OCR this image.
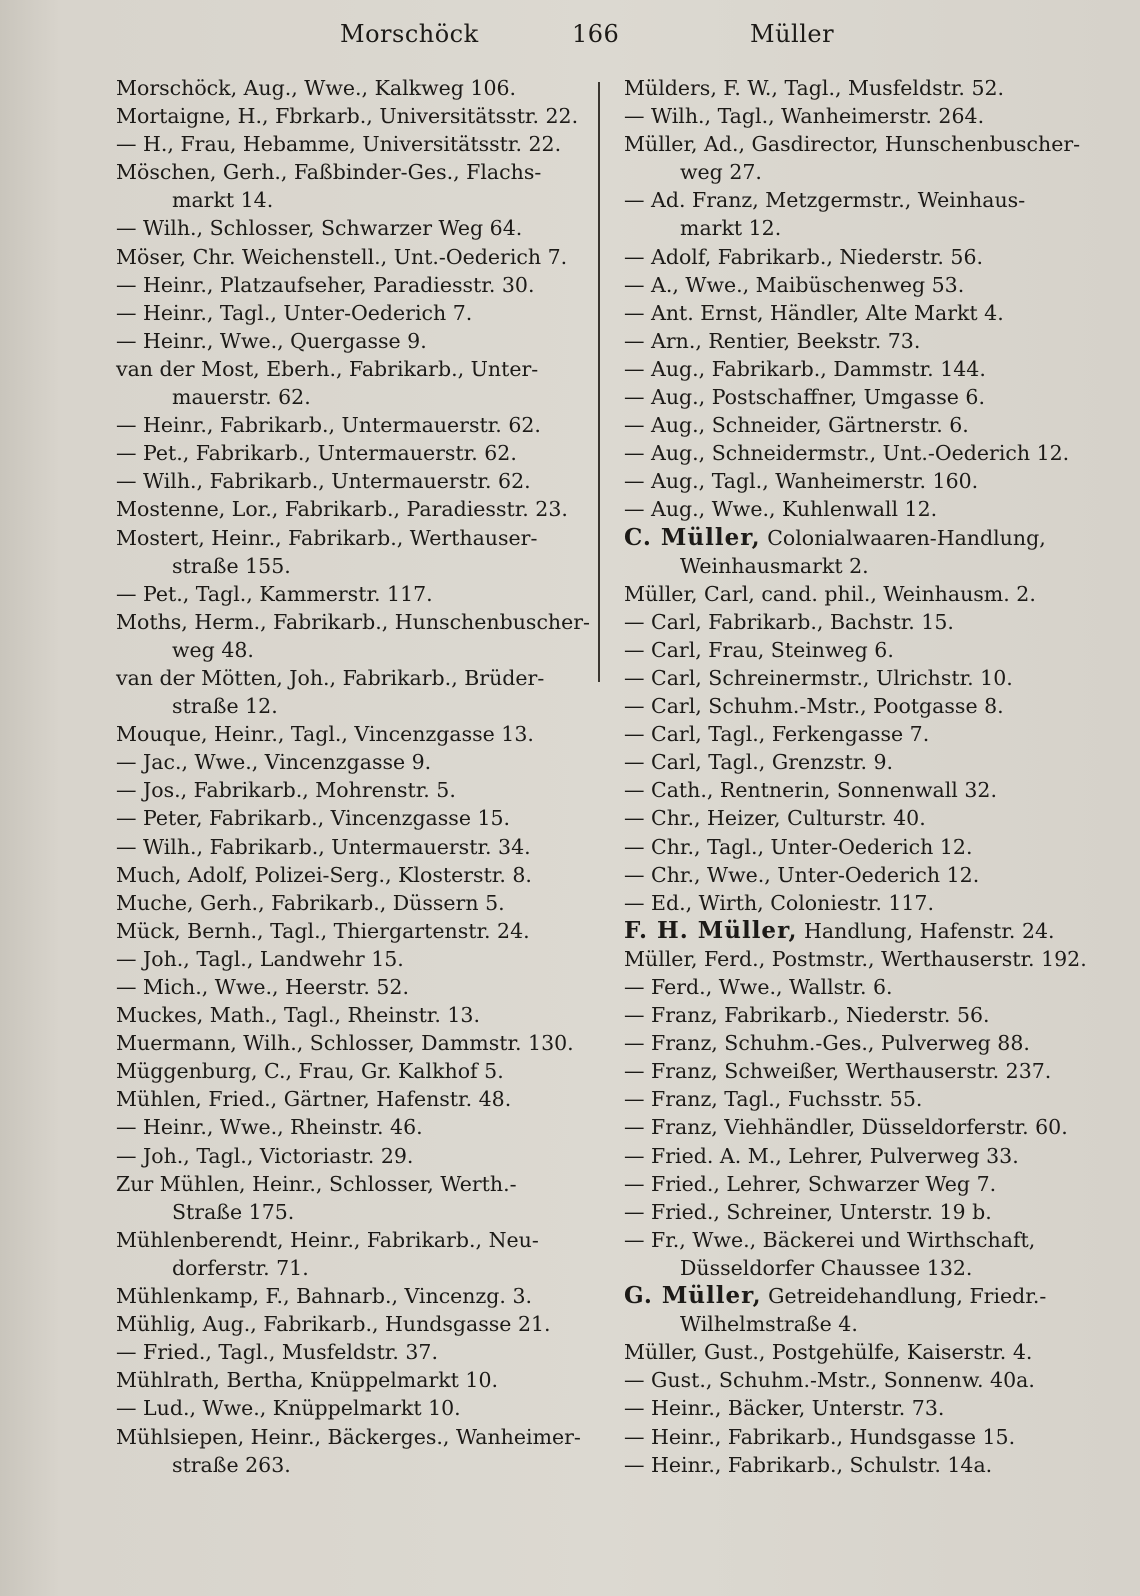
Morschöck	166	Müller
Morschöck, Aug., Wwe., Kalkweg 106.
Mortaigne, H., Fbrkarb., Universitätsstr. 22.
— H., Frau, Hebamme, Universitätsstr. 22.
Möschen, Gerh., Faßbinder-Ges., Flachs-
markt 14.
— Wilh., Schlosser, Schwarzer Weg 64.
Möser, Chr. Weichenstell., Unt.-Oederich 7.
— Heinr., Platzaufseher, Paradiesstr. 30.
— Heinr., Tagl., Unter-Oederich 7.
— Heinr., Wwe., Quergasse 9.
van der Most, Eberh., Fabrikarb., Unter-
mauerstr. 62.
— Heinr., Fabrikarb., Untermauerstr. 62.
— Pet., Fabrikarb., Untermauerstr. 62.
— Wilh., Fabrikarb., Untermauerstr. 62.
Mostenne, Lor., Fabrikarb., Paradiesstr. 23.
Mostert, Heinr., Fabrikarb., Werthauser-
straße 155.
— Pet., Tagl., Kammerstr. 117.
Moths, Herm., Fabrikarb., Hunschenbuscher-
weg 48.
van der Mötten, Joh., Fabrikarb., Brüder-
straße 12.
Mouque, Heinr., Tagl., Vincenzgasse 13.
— Jac., Wwe., Vincenzgasse 9.
— Jos., Fabrikarb., Mohrenstr. 5.
— Peter, Fabrikarb., Vincenzgasse 15.
— Wilh., Fabrikarb., Untermauerstr. 34.
Much, Adolf, Polizei-Serg., Klosterstr. 8.
Muche, Gerh., Fabrikarb., Düssern 5.
Mück, Bernh., Tagl., Thiergartenstr. 24.
— Joh., Tagl., Landwehr 15.
— Mich., Wwe., Heerstr. 52.
Muckes, Math., Tagl., Rheinstr. 13.
Muermann, Wilh., Schlosser, Dammstr. 130.
Müggenburg, C., Frau, Gr. Kalkhof 5.
Mühlen, Fried., Gärtner, Hafenstr. 48.
— Heinr., Wwe., Rheinstr. 46.
— Joh., Tagl., Victoriastr. 29.
Zur Mühlen, Heinr., Schlosser, Werth.-
Straße 175.
Mühlenberendt, Heinr., Fabrikarb., Neu-
dorferstr. 71.
Mühlenkamp, F., Bahnarb., Vincenzg. 3.
Mühlig, Aug., Fabrikarb., Hundsgasse 21.
— Fried., Tagl., Musfeldstr. 37.
Mühlrath, Bertha, Knüppelmarkt 10.
— Lud., Wwe., Knüppelmarkt 10.
Mühlsiepen, Heinr., Bäckerges., Wanheimer-
straße 263.
Mülders, F. W., Tagl., Musfeldstr. 52.
— Wilh., Tagl., Wanheimerstr. 264.
Müller, Ad., Gasdirector, Hunschenbuscher-
weg 27.
— Ad. Franz, Metzgermstr., Weinhaus-
markt 12.
— Adolf, Fabrikarb., Niederstr. 56.
— A., Wwe., Maibüschenweg 53.
— Ant. Ernst, Händler, Alte Markt 4.
— Arn., Rentier, Beekstr. 73.
— Aug., Fabrikarb., Dammstr. 144.
— Aug., Postschaffner, Umgasse 6.
— Aug., Schneider, Gärtnerstr. 6.
— Aug., Schneidermstr., Unt.-Oederich 12.
— Aug., Tagl., Wanheimerstr. 160.
— Aug., Wwe., Kuhlenwall 12.
C. Müller, Colonialwaaren-Handlung,
Weinhausmarkt 2.
Müller, Carl, cand. phil., Weinhausm. 2.
— Carl, Fabrikarb., Bachstr. 15.
— Carl, Frau, Steinweg 6.
— Carl, Schreinermstr., Ulrichstr. 10.
— Carl, Schuhm.-Mstr., Pootgasse 8.
— Carl, Tagl., Ferkengasse 7.
— Carl, Tagl., Grenzstr. 9.
— Cath., Rentnerin, Sonnenwall 32.
— Chr., Heizer, Culturstr. 40.
— Chr., Tagl., Unter-Oederich 12.
— Chr., Wwe., Unter-Oederich 12.
— Ed., Wirth, Coloniestr. 117.
F. H. Müller, Handlung, Hafenstr. 24.
Müller, Ferd., Postmstr., Werthauserstr. 192.
— Ferd., Wwe., Wallstr. 6.
— Franz, Fabrikarb., Niederstr. 56.
— Franz, Schuhm.-Ges., Pulverweg 88.
— Franz, Schweißer, Werthauserstr. 237.
— Franz, Tagl., Fuchsstr. 55.
— Franz, Viehhändler, Düsseldorferstr. 60.
— Fried. A. M., Lehrer, Pulverweg 33.
— Fried., Lehrer, Schwarzer Weg 7.
— Fried., Schreiner, Unterstr. 19 b.
— Fr., Wwe., Bäckerei und Wirthschaft,
Düsseldorfer Chaussee 132.
G. Müller, Getreidehandlung, Friedr.-
Wilhelmstraße 4.
Müller, Gust., Postgehülfe, Kaiserstr. 4.
— Gust., Schuhm.-Mstr., Sonnenw. 40a.
— Heinr., Bäcker, Unterstr. 73.
— Heinr., Fabrikarb., Hundsgasse 15.
— Heinr., Fabrikarb., Schulstr. 14a.
